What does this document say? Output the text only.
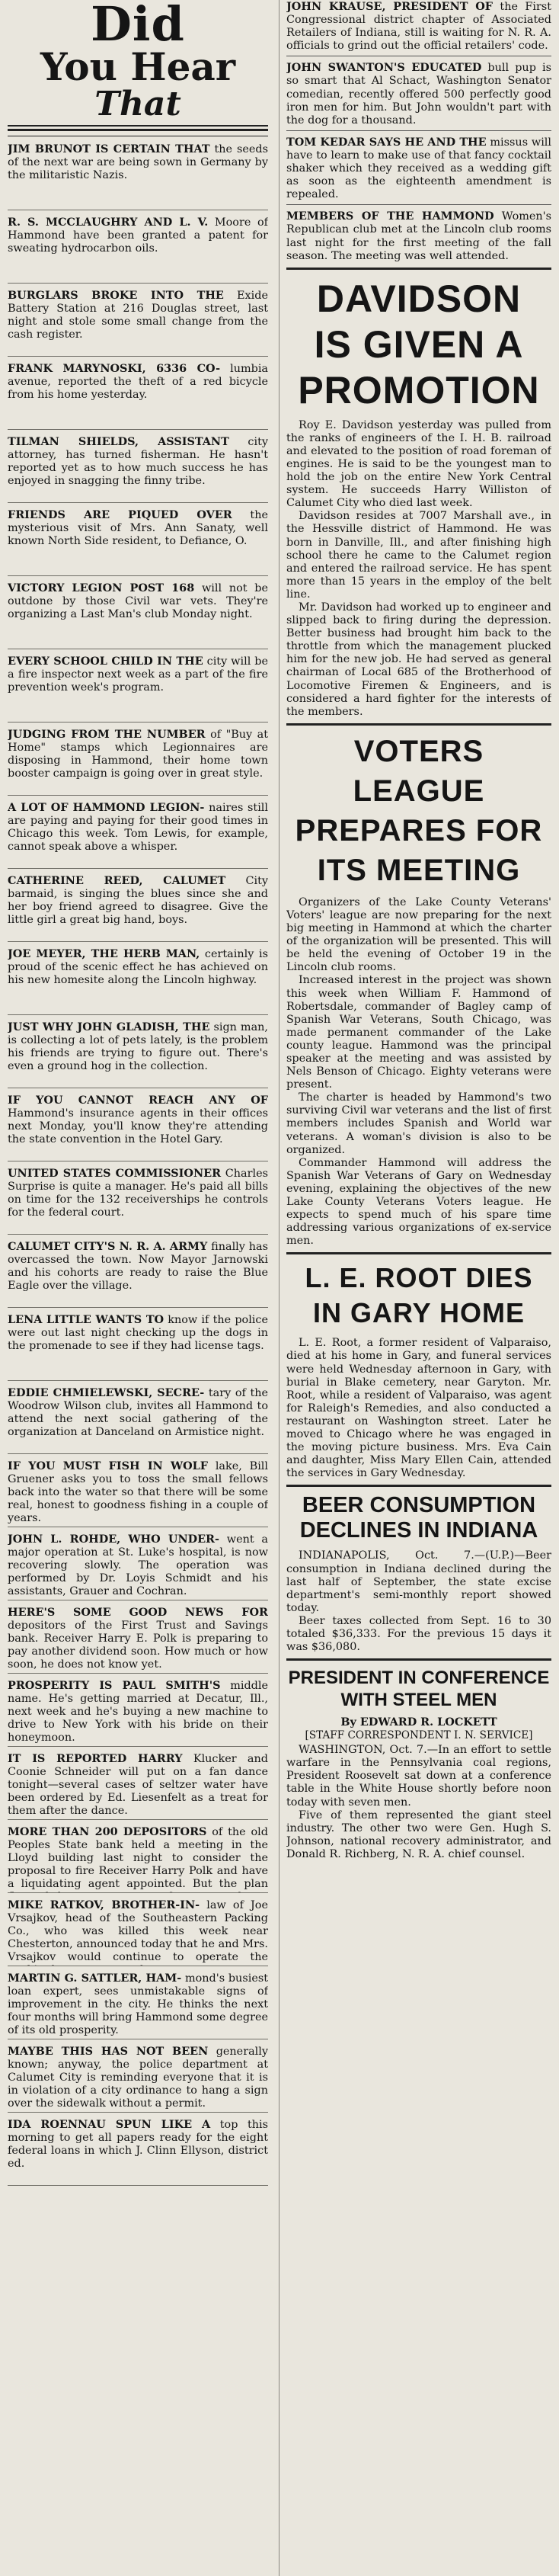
Did
You Hear
That
JIM BRUNOT IS CERTAIN THAT the seeds of the next war are being sown in Germany by the militaristic Nazis.
R. S. MCCLAUGHRY AND L. V. Moore of Hammond have been granted a patent for sweating hydrocarbon oils.
BURGLARS BROKE INTO THE Exide Battery Station at 216 Douglas street, last night and stole some small change from the cash register.
FRANK MARYNOSKI, 6336 CO- lumbia avenue, reported the theft of a red bicycle from his home yesterday.
TILMAN SHIELDS, ASSISTANT city attorney, has turned fisherman. He hasn't reported yet as to how much success he has enjoyed in snagging the finny tribe.
FRIENDS ARE PIQUED OVER the mysterious visit of Mrs. Ann Sanaty, well known North Side resident, to Defiance, O.
VICTORY LEGION POST 168 will not be outdone by those Civil war vets. They're organizing a Last Man's club Monday night.
EVERY SCHOOL CHILD IN THE city will be a fire inspector next week as a part of the fire prevention week's program.
JUDGING FROM THE NUMBER of "Buy at Home" stamps which Legionnaires are disposing in Hammond, their home town booster campaign is going over in great style.
A LOT OF HAMMOND LEGION- naires still are paying and paying for their good times in Chicago this week. Tom Lewis, for example, cannot speak above a whisper.
CATHERINE REED, CALUMET City barmaid, is singing the blues since she and her boy friend agreed to disagree. Give the little girl a great big hand, boys.
JOE MEYER, THE HERB MAN, certainly is proud of the scenic effect he has achieved on his new homesite along the Lincoln highway.
JUST WHY JOHN GLADISH, THE sign man, is collecting a lot of pets lately, is the problem his friends are trying to figure out. There's even a ground hog in the collection.
IF YOU CANNOT REACH ANY OF Hammond's insurance agents in their offices next Monday, you'll know they're attending the state convention in the Hotel Gary.
UNITED STATES COMMISSIONER Charles Surprise is quite a manager. He's paid all bills on time for the 132 receiverships he controls for the federal court.
CALUMET CITY'S N. R. A. ARMY finally has overcassed the town. Now Mayor Jarnowski and his cohorts are ready to raise the Blue Eagle over the village.
LENA LITTLE WANTS TO know if the police were out last night checking up the dogs in the promenade to see if they had license tags.
EDDIE CHMIELEWSKI, SECRE- tary of the Woodrow Wilson club, invites all Hammond to attend the next social gathering of the organization at Danceland on Armistice night.
IF YOU MUST FISH IN WOLF lake, Bill Gruener asks you to toss the small fellows back into the water so that there will be some real, honest to goodness fishing in a couple of years.
JOHN L. ROHDE, WHO UNDER- went a major operation at St. Luke's hospital, is now recovering slowly. The operation was performed by Dr. Loyis Schmidt and his assistants, Grauer and Cochran.
HERE'S SOME GOOD NEWS FOR depositors of the First Trust and Savings bank. Receiver Harry E. Polk is preparing to pay another dividend soon. How much or how soon, he does not know yet.
PROSPERITY IS PAUL SMITH'S middle name. He's getting married at Decatur, Ill., next week and he's buying a new machine to drive to New York with his bride on their honeymoon.
IT IS REPORTED HARRY Klucker and Coonie Schneider will put on a fan dance tonight—several cases of seltzer water have been ordered by Ed. Liesenfelt as a treat for them after the dance.
MORE THAN 200 DEPOSITORS of the old Peoples State bank held a meeting in the Lloyd building last night to consider the proposal to fire Receiver Harry Polk and have a liquidating agent appointed. But the plan
MIKE RATKOV, BROTHER-IN- law of Joe Vrsajkov, head of the Southeastern Packing Co., who was killed this week near Chesterton, announced today that he and Mrs. Vrsajkov would continue to operate the
MARTIN G. SATTLER, HAM- mond's busiest loan expert, sees unmistakable signs of improvement in the city. He thinks the next four months will bring Hammond some degree of its old prosperity.
MAYBE THIS HAS NOT BEEN generally known; anyway, the police department at Calumet City is reminding everyone that it is in violation of a city ordinance to hang a sign over the sidewalk without a permit.
IDA ROENNAU SPUN LIKE A top this morning to get all papers ready for the eight federal loans in which J. Clinn Ellyson, district ed.
JOHN KRAUSE, PRESIDENT OF the First Congressional district chapter of Associated Retailers of Indiana, still is waiting for N. R. A. officials to grind out the official retailers' code.
JOHN SWANTON'S EDUCATED bull pup is so smart that Al Schact, Washington Senator comedian, recently offered 500 perfectly good iron men for him. But John wouldn't part with the dog for a thousand.
TOM KEDAR SAYS HE AND THE missus will have to learn to make use of that fancy cocktail shaker which they received as a wedding gift as soon as the eighteenth amendment is repealed.
MEMBERS OF THE HAMMOND Women's Republican club met at the Lincoln club rooms last night for the first meeting of the fall season. The meeting was well attended.
DAVIDSON
IS GIVEN A
PROMOTION

Roy E. Davidson yesterday was pulled from the ranks of engineers of the I. H. B. railroad and elevated to the position of road foreman of engines. He is said to be the youngest man to hold the job on the entire New York Central system. He succeeds Harry Williston of Calumet City who died last week.

Davidson resides at 7007 Marshall ave., in the Hessville district of Hammond. He was born in Danville, Ill., and after finishing high school there he came to the Calumet region and entered the railroad service. He has spent more than 15 years in the employ of the belt line.

Mr. Davidson had worked up to engineer and slipped back to firing during the depression. Better business had brought him back to the throttle from which the management plucked him for the new job. He had served as general chairman of Local 685 of the Brotherhood of Locomotive Firemen & Engineers, and is considered a hard fighter for the interests of the members.

VOTERS LEAGUE
PREPARES FOR
ITS MEETING

Organizers of the Lake County Veterans' Voters' league are now preparing for the next big meeting in Hammond at which the charter of the organization will be presented. This will be held the evening of October 19 in the Lincoln club rooms.

Increased interest in the project was shown this week when William F. Hammond of Robertsdale, commander of Bagley camp of Spanish War Veterans, South Chicago, was made permanent commander of the Lake county league. Hammond was the principal speaker at the meeting and was assisted by Nels Benson of Chicago. Eighty veterans were present.

The charter is headed by Hammond's two surviving Civil war veterans and the list of first members includes Spanish and World war veterans. A woman's division is also to be organized.

Commander Hammond will address the Spanish War Veterans of Gary on Wednesday evening, explaining the objectives of the new Lake County Veterans Voters league. He expects to spend much of his spare time addressing various organizations of ex-service men.

L. E. ROOT DIES
IN GARY HOME

L. E. Root, a former resident of Valparaiso, died at his home in Gary, and funeral services were held Wednesday afternoon in Gary, with burial in Blake cemetery, near Garyton. Mr. Root, while a resident of Valparaiso, was agent for Raleigh's Remedies, and also conducted a restaurant on Washington street. Later he moved to Chicago where he was engaged in the moving picture business. Mrs. Eva Cain and daughter, Miss Mary Ellen Cain, attended the services in Gary Wednesday.

BEER CONSUMPTION
DECLINES IN INDIANA

INDIANAPOLIS, Oct. 7.—(U.P.)—Beer consumption in Indiana declined during the last half of September, the state excise department's semi-monthly report showed today.

Beer taxes collected from Sept. 16 to 30 totaled $36,333. For the previous 15 days it was $36,080.

PRESIDENT IN CONFERENCE
WITH STEEL MEN
By EDWARD R. LOCKETT
[STAFF CORRESPONDENT I. N. SERVICE]

WASHINGTON, Oct. 7.—In an effort to settle warfare in the Pennsylvania coal regions, President Roosevelt sat down at a conference table in the White House shortly before noon today with seven men.

Five of them represented the giant steel industry. The other two were Gen. Hugh S. Johnson, national recovery administrator, and Donald R. Richberg, N. R. A. chief counsel.
